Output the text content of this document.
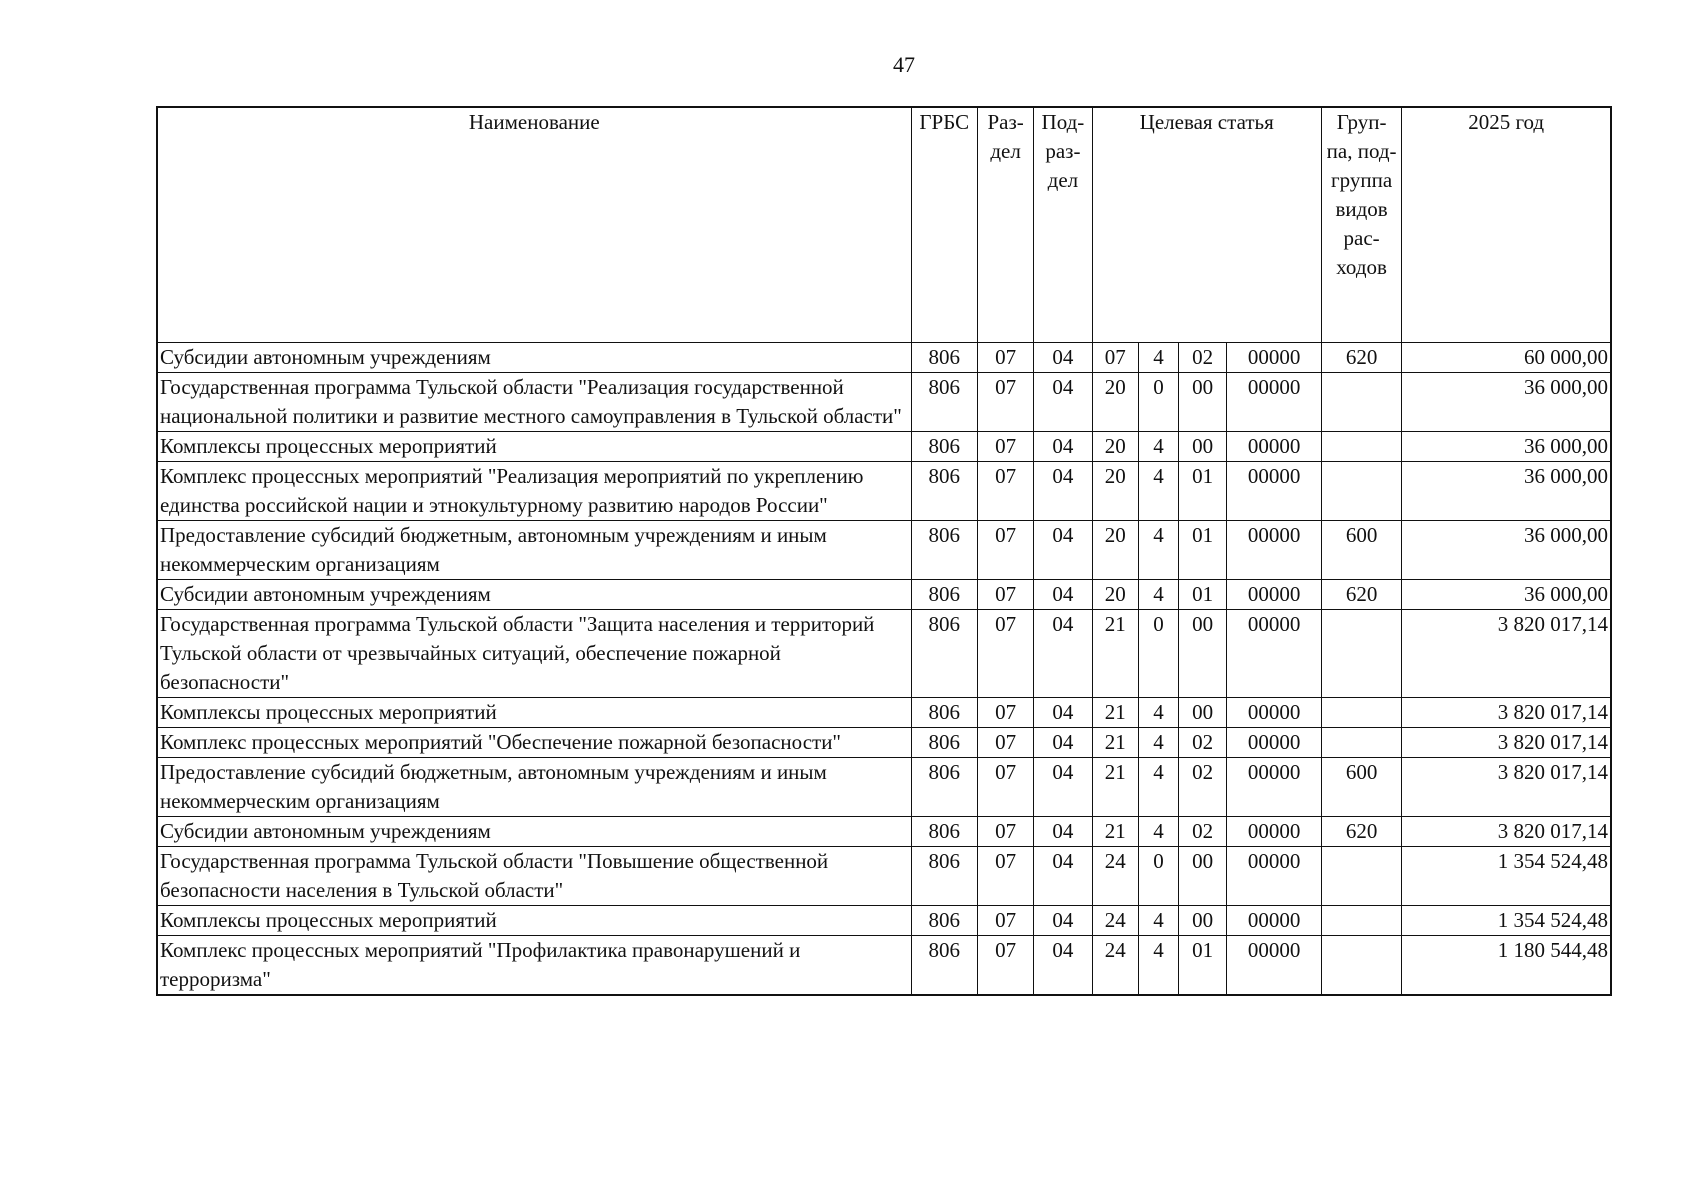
47
Наименование	ГРБС	Раз-дел	Под-раз-дел	Целевая статья				Груп-па, под-группа видов рас-ходов	2025 год
Субсидии автономным учреждениям	806	07	04	07	4	02	00000	620	60 000,00
Государственная программа Тульской области "Реализация государственной национальной политики и развитие местного самоуправления в Тульской области"	806	07	04	20	0	00	00000		36 000,00
Комплексы процессных мероприятий	806	07	04	20	4	00	00000		36 000,00
Комплекс процессных мероприятий "Реализация мероприятий по укреплению единства российской нации и этнокультурному развитию народов России"	806	07	04	20	4	01	00000		36 000,00
Предоставление субсидий бюджетным, автономным учреждениям и иным некоммерческим организациям	806	07	04	20	4	01	00000	600	36 000,00
Субсидии автономным учреждениям	806	07	04	20	4	01	00000	620	36 000,00
Государственная программа Тульской области "Защита населения и территорий Тульской области от чрезвычайных ситуаций, обеспечение пожарной безопасности"	806	07	04	21	0	00	00000		3 820 017,14
Комплексы процессных мероприятий	806	07	04	21	4	00	00000		3 820 017,14
Комплекс процессных мероприятий "Обеспечение пожарной безопасности"	806	07	04	21	4	02	00000		3 820 017,14
Предоставление субсидий бюджетным, автономным учреждениям и иным некоммерческим организациям	806	07	04	21	4	02	00000	600	3 820 017,14
Субсидии автономным учреждениям	806	07	04	21	4	02	00000	620	3 820 017,14
Государственная программа Тульской области "Повышение общественной безопасности населения в Тульской области"	806	07	04	24	0	00	00000		1 354 524,48
Комплексы процессных мероприятий	806	07	04	24	4	00	00000		1 354 524,48
Комплекс процессных мероприятий "Профилактика правонарушений и терроризма"	806	07	04	24	4	01	00000		1 180 544,48
